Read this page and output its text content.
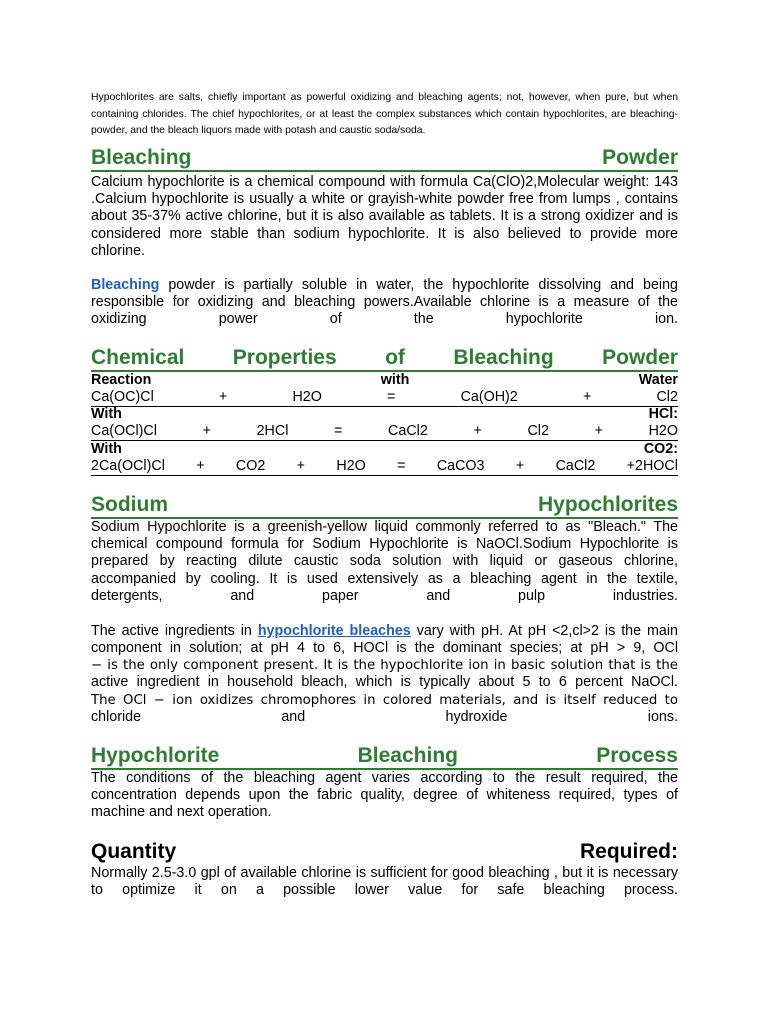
Hypochlorites are salts, chiefly important as powerful oxidizing and bleaching agents; not, however, when pure, but when containing chlorides. The chief hypochlorites, or at least the complex substances which contain hypochlorites, are bleaching-powder, and the bleach liquors made with potash and caustic soda/soda.
Bleaching	Powder
Calcium hypochlorite is a chemical compound with formula Ca(ClO)2,Molecular weight: 143 .Calcium hypochlorite is usually a white or grayish-white powder free from lumps , contains about 35-37% active chlorine, but it is also available as tablets. It is a strong oxidizer and is considered more stable than sodium hypochlorite. It is also believed to provide more chlorine.
Bleaching powder is partially soluble in water, the hypochlorite dissolving and being responsible for oxidizing and bleaching powers.Available chlorine is a measure of the oxidizing power of the hypochlorite ion.
Chemical Properties of Bleaching Powder
Reaction	with	Water
Ca(OC)Cl	+	H2O	=	Ca(OH)2	+	Cl2
With	HCl:
Ca(OCl)Cl	+	2HCl	=	CaCl2	+	Cl2	+	H2O
With	CO2:
2Ca(OCl)Cl + CO2 + H2O = CaCO3 + CaCl2 +2HOCl
Sodium	Hypochlorites
Sodium Hypochlorite is a greenish-yellow liquid commonly referred to as "Bleach." The chemical compound formula for Sodium Hypochlorite is NaOCl.Sodium Hypochlorite is prepared by reacting dilute caustic soda solution with liquid or gaseous chlorine, accompanied by cooling. It is used extensively as a bleaching agent in the textile, detergents, and paper and pulp industries.
The active ingredients in hypochlorite bleaches vary with pH. At pH <2,cl>2 is the main component in solution; at pH 4 to 6, HOCl is the dominant species; at pH > 9, OCl
− is the only component present. It is the hypochlorite ion in basic solution that is the
active ingredient in household bleach, which is typically about 5 to 6 percent NaOCl.
The OCl − ion oxidizes chromophores in colored materials, and is itself reduced to
chloride	and	hydroxide	ions.
Hypochlorite	Bleaching	Process
The conditions of the bleaching agent varies according to the result required, the concentration depends upon the fabric quality, degree of whiteness required, types of machine and next operation.
Quantity	Required:
Normally 2.5-3.0 gpl of available chlorine is sufficient for good bleaching , but it is necessary to optimize it on a possible lower value for safe bleaching process.
